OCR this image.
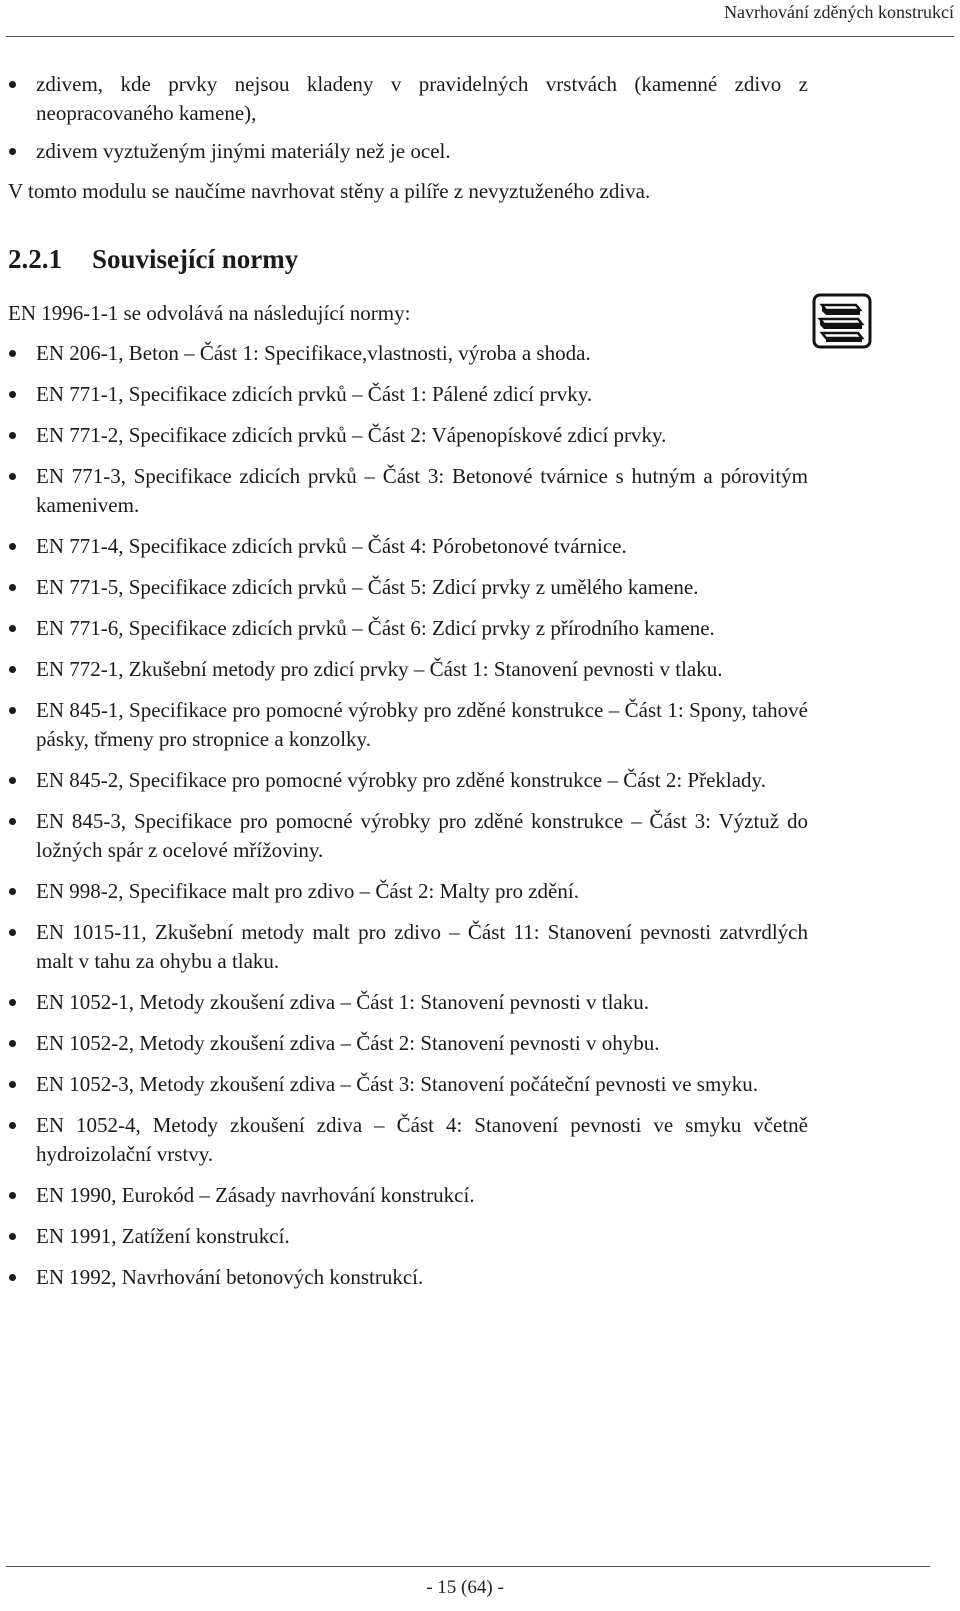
Navrhování zděných konstrukcí
zdivem, kde prvky nejsou kladeny v pravidelných vrstvách (kamenné zdivo z neopracovaného kamene),
zdivem vyztuženým jinými materiály než je ocel.
V tomto modulu se naučíme navrhovat stěny a pilíře z nevyztuženého zdiva.
2.2.1 Související normy
EN 1996-1-1 se odvolává na následující normy:
EN 206-1, Beton – Část 1: Specifikace,vlastnosti, výroba a shoda.
EN 771-1, Specifikace zdicích prvků – Část 1: Pálené zdicí prvky.
EN 771-2, Specifikace zdicích prvků – Část 2: Vápenopískové zdicí prvky.
EN 771-3, Specifikace zdicích prvků – Část 3: Betonové tvárnice s hutným a pórovitým kamenivem.
EN 771-4, Specifikace zdicích prvků – Část 4: Pórobetonové tvárnice.
EN 771-5, Specifikace zdicích prvků – Část 5: Zdicí prvky z umělého kamene.
EN 771-6, Specifikace zdicích prvků – Část 6: Zdicí prvky z přírodního kamene.
EN 772-1, Zkušební metody pro zdicí prvky – Část 1: Stanovení pevnosti v tlaku.
EN 845-1, Specifikace pro pomocné výrobky pro zděné konstrukce – Část 1: Spony, tahové pásky, třmeny pro stropnice a konzolky.
EN 845-2, Specifikace pro pomocné výrobky pro zděné konstrukce – Část 2: Překlady.
EN 845-3, Specifikace pro pomocné výrobky pro zděné konstrukce – Část 3: Výztuž do ložných spár z ocelové mřížoviny.
EN 998-2, Specifikace malt pro zdivo – Část 2: Malty pro zdění.
EN 1015-11, Zkušební metody malt pro zdivo – Část 11: Stanovení pevnosti zatvrdlých malt v tahu za ohybu a tlaku.
EN 1052-1, Metody zkoušení zdiva – Část 1: Stanovení pevnosti v tlaku.
EN 1052-2, Metody zkoušení zdiva – Část 2: Stanovení pevnosti v ohybu.
EN 1052-3, Metody zkoušení zdiva – Část 3: Stanovení počáteční pevnosti ve smyku.
EN 1052-4, Metody zkoušení zdiva – Část 4: Stanovení pevnosti ve smyku včetně hydroizolační vrstvy.
EN 1990, Eurokód – Zásady navrhování konstrukcí.
EN 1991, Zatížení konstrukcí.
EN 1992, Navrhování betonových konstrukcí.
- 15 (64) -
